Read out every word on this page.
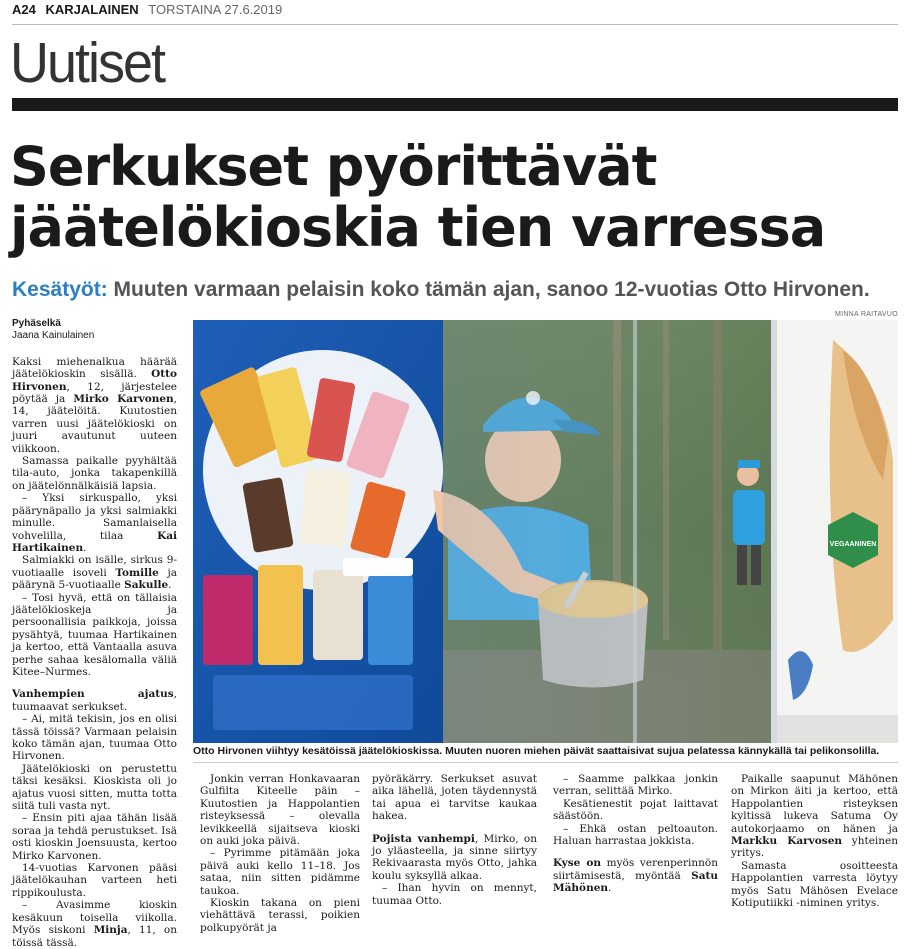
A24 KARJALAINEN TORSTAINA 27.6.2019
Uutiset
Serkukset pyörittävät
jäätelökioskia tien varressa
Kesätyöt: Muuten varmaan pelaisin koko tämän ajan, sanoo 12-vuotias Otto Hirvonen.
MINNA RAITAVUO
VEGAANINEN
Otto Hirvonen viihtyy kesätöissä jäätelökioskissa. Muuten nuoren miehen päivät saattaisivat sujua pelatessa kännykällä tai pelikonsolilla.

Pyhäselkä

Jaana Kainulainen

Kaksi miehenalkua häärää jäätelökioskin sisällä. Otto Hirvonen, 12, järjestelee pöytää ja Mirko Karvonen, 14, jäätelöitä. Kuutostien varren uusi jäätelökioski on juuri avautunut uuteen viikkoon.

Samassa paikalle pyyhältää tila-auto, jonka takapenkillä on jäätelönnälkäisiä lapsia.

– Yksi sirkuspallo, yksi päärynäpallo ja yksi salmiakki minulle. Samanlaisella vohvelilla, tilaa Kai Hartikainen.

Salmiakki on isälle, sirkus 9-vuotiaalle isoveli Tomille ja päärynä 5-vuotiaalle Sakulle.

– Tosi hyvä, että on tällaisia jäätelökioskeja ja persoonallisia paikkoja, joissa pysähtyä, tuumaa Hartikainen ja kertoo, että Vantaalla asuva perhe sahaa kesälomalla väliä Kitee–Nurmes.

Vanhempien ajatus, tuumaavat serkukset.

– Ai, mitä tekisin, jos en olisi tässä töissä? Varmaan pelaisin koko tämän ajan, tuumaa Otto Hirvonen.

Jäätelökioski on perustettu täksi kesäksi. Kioskista oli jo ajatus vuosi sitten, mutta totta siitä tuli vasta nyt.

– Ensin piti ajaa tähän lisää soraa ja tehdä perustukset. Isä osti kioskin Joensuusta, kertoo Mirko Karvonen.

14-vuotias Karvonen pääsi jäätelökauhan varteen heti rippikoulusta.

– Avasimme kioskin kesäkuun toisella viikolla. Myös siskoni Minja, 11, on töissä tässä.

Jonkin verran Honkavaaran Gulfilta Kiteelle päin – Kuutostien ja Happolantien risteyksessä – olevalla levikkeellä sijaitseva kioski on auki joka päivä.

– Pyrimme pitämään joka päivä auki kello 11–18. Jos sataa, niin sitten pidämme taukoa.

Kioskin takana on pieni viehättävä terassi, poikien polkupyörät ja

pyöräkärry. Serkukset asuvat aika lähellä, joten täydennystä tai apua ei tarvitse kaukaa hakea.

Pojista vanhempi, Mirko, on jo yläasteella, ja sinne siirtyy Rekivaarasta myös Otto, jahka koulu syksyllä alkaa.

– Ihan hyvin on mennyt, tuumaa Otto.

– Saamme palkkaa jonkin verran, selittää Mirko.

Kesätienestit pojat laittavat säästöön.

– Ehkä ostan peltoauton. Haluan harrastaa jokkista.

Kyse on myös verenperinnön siirtämisestä, myöntää Satu Mähönen.

Paikalle saapunut Mähönen on Mirkon äiti ja kertoo, että Happolantien risteyksen kyltissä lukeva Satuma Oy autokorjaamo on hänen ja Markku Karvosen yhteinen yritys.

Samasta osoitteesta Happolantien varresta löytyy myös Satu Mähösen Evelace Kotiputiikki -niminen yritys.
